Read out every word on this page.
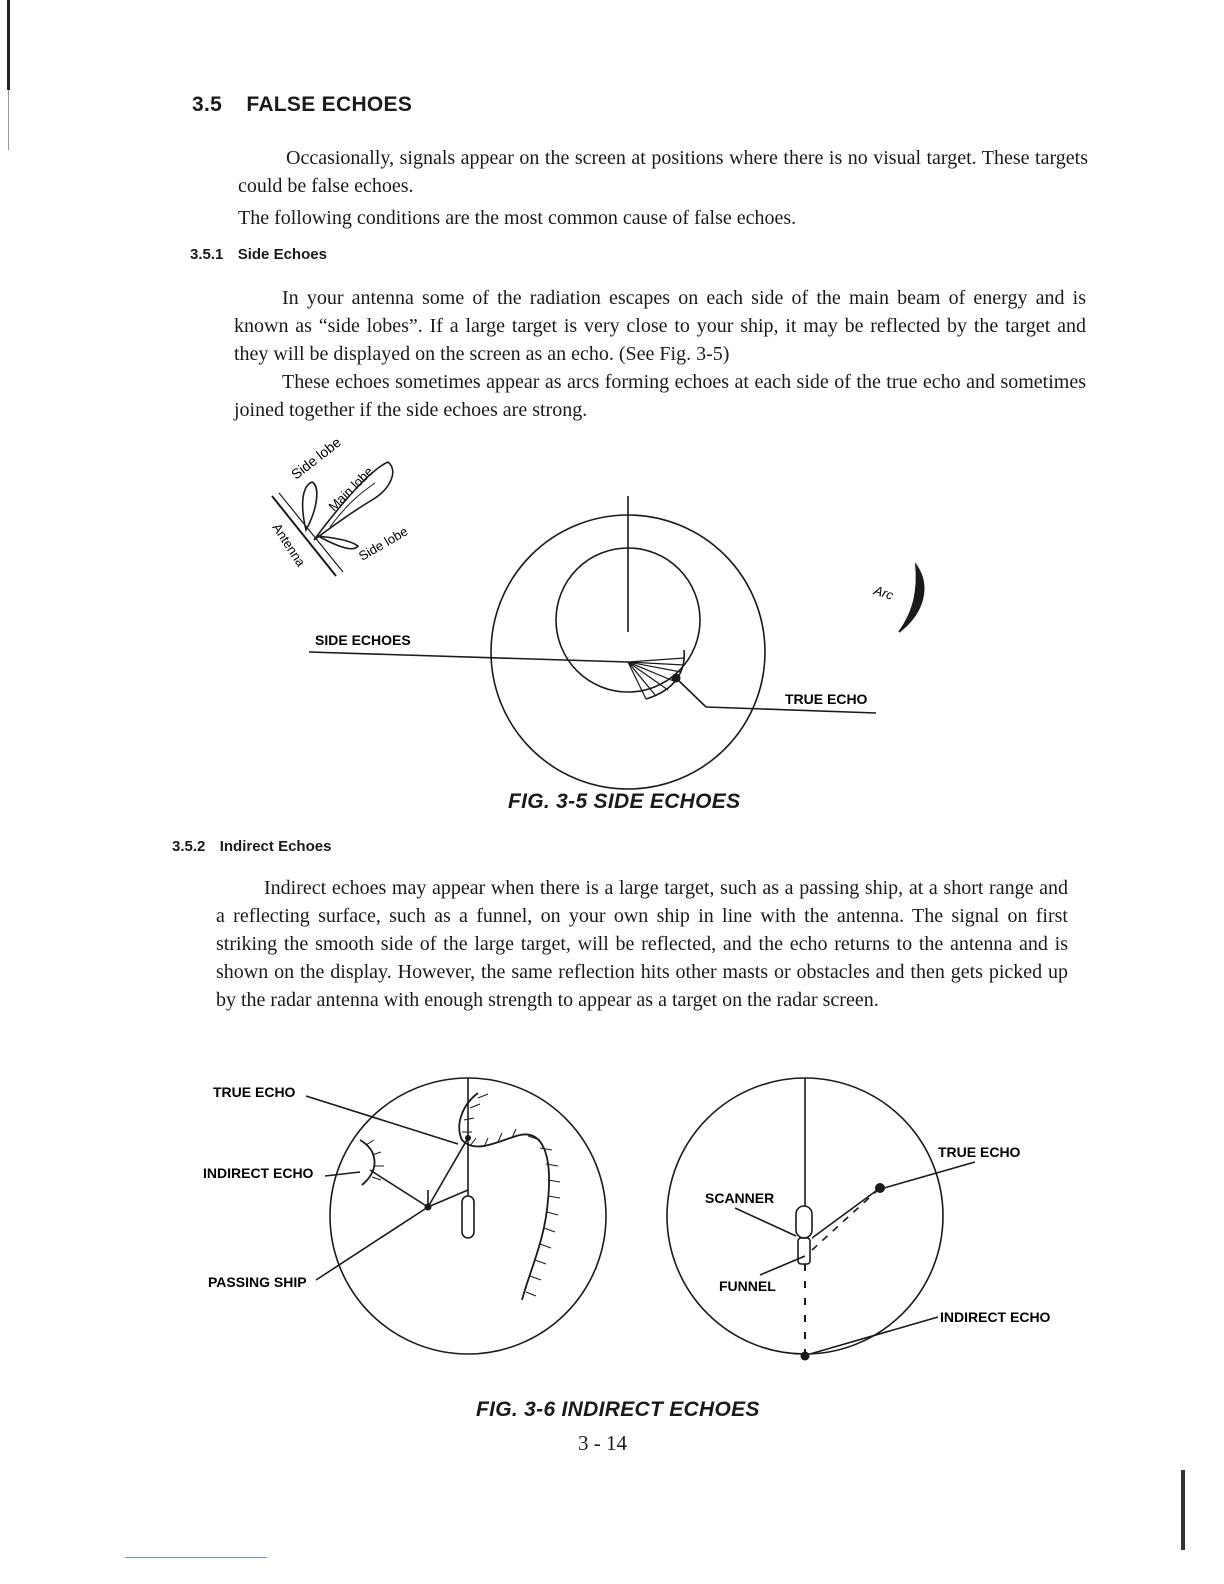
3.5 FALSE ECHOES

Occasionally, signals appear on the screen at positions where there is no visual target. These targets could be false echoes.

The following conditions are the most common cause of false echoes.

3.5.1 Side Echoes

In your antenna some of the radiation escapes on each side of the main beam of energy and is known as “side lobes”. If a large target is very close to your ship, it may be reflected by the target and they will be displayed on the screen as an echo. (See Fig. 3-5)

These echoes sometimes appear as arcs forming echoes at each side of the true echo and sometimes joined together if the side echoes are strong.

Side lobe
Main lobe
Side lobe
Antenna
Arc
SIDE ECHOES
TRUE ECHO
FIG. 3-5 SIDE ECHOES
3.5.2 Indirect Echoes

Indirect echoes may appear when there is a large target, such as a passing ship, at a short range and a reflecting surface, such as a funnel, on your own ship in line with the antenna. The signal on first striking the smooth side of the large target, will be reflected, and the echo returns to the antenna and is shown on the display. However, the same reflection hits other masts or obstacles and then gets picked up by the radar antenna with enough strength to appear as a target on the radar screen.

TRUE ECHO
INDIRECT ECHO
PASSING SHIP
TRUE ECHO
SCANNER
FUNNEL
INDIRECT ECHO
FIG. 3-6 INDIRECT ECHOES
3 - 14
